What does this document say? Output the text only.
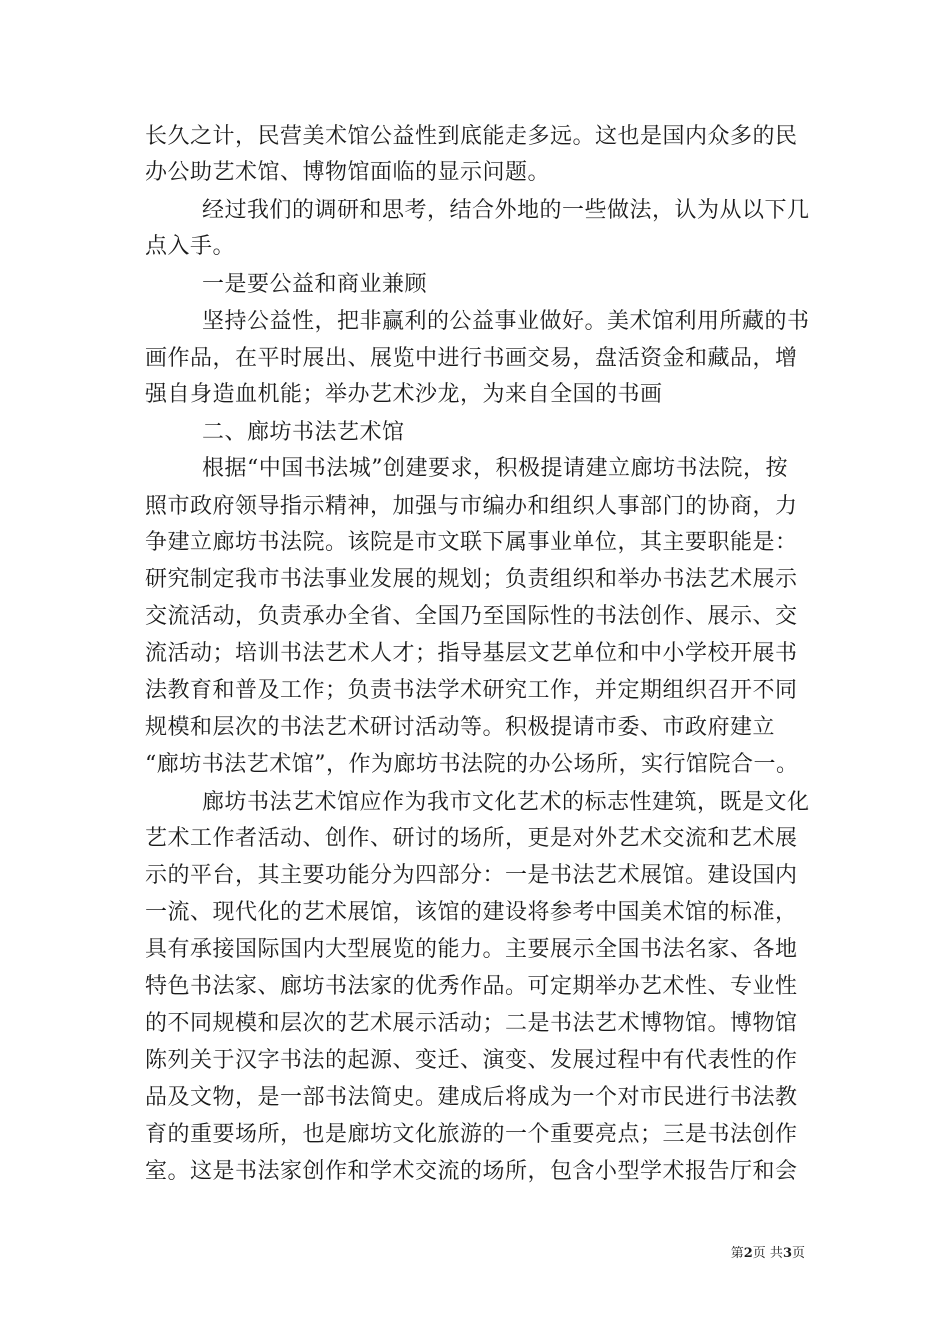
长久之计，民营美术馆公益性到底能走多远。这也是国内众多的民
办公助艺术馆、博物馆面临的显示问题。
经过我们的调研和思考，结合外地的一些做法，认为从以下几
点入手。
一是要公益和商业兼顾
坚持公益性，把非赢利的公益事业做好。美术馆利用所藏的书
画作品，在平时展出、展览中进行书画交易，盘活资金和藏品，增
强自身造血机能；举办艺术沙龙，为来自全国的书画
二、廊坊书法艺术馆
根据“中国书法城”创建要求，积极提请建立廊坊书法院，按
照市政府领导指示精神，加强与市编办和组织人事部门的协商，力
争建立廊坊书法院。该院是市文联下属事业单位，其主要职能是：
研究制定我市书法事业发展的规划；负责组织和举办书法艺术展示
交流活动，负责承办全省、全国乃至国际性的书法创作、展示、交
流活动；培训书法艺术人才；指导基层文艺单位和中小学校开展书
法教育和普及工作；负责书法学术研究工作，并定期组织召开不同
规模和层次的书法艺术研讨活动等。积极提请市委、市政府建立
“廊坊书法艺术馆”，作为廊坊书法院的办公场所，实行馆院合一。
廊坊书法艺术馆应作为我市文化艺术的标志性建筑，既是文化
艺术工作者活动、创作、研讨的场所，更是对外艺术交流和艺术展
示的平台，其主要功能分为四部分：一是书法艺术展馆。建设国内
一流、现代化的艺术展馆，该馆的建设将参考中国美术馆的标准，
具有承接国际国内大型展览的能力。主要展示全国书法名家、各地
特色书法家、廊坊书法家的优秀作品。可定期举办艺术性、专业性
的不同规模和层次的艺术展示活动；二是书法艺术博物馆。博物馆
陈列关于汉字书法的起源、变迁、演变、发展过程中有代表性的作
品及文物，是一部书法简史。建成后将成为一个对市民进行书法教
育的重要场所，也是廊坊文化旅游的一个重要亮点；三是书法创作
室。这是书法家创作和学术交流的场所，包含小型学术报告厅和会
第2页 共3页
